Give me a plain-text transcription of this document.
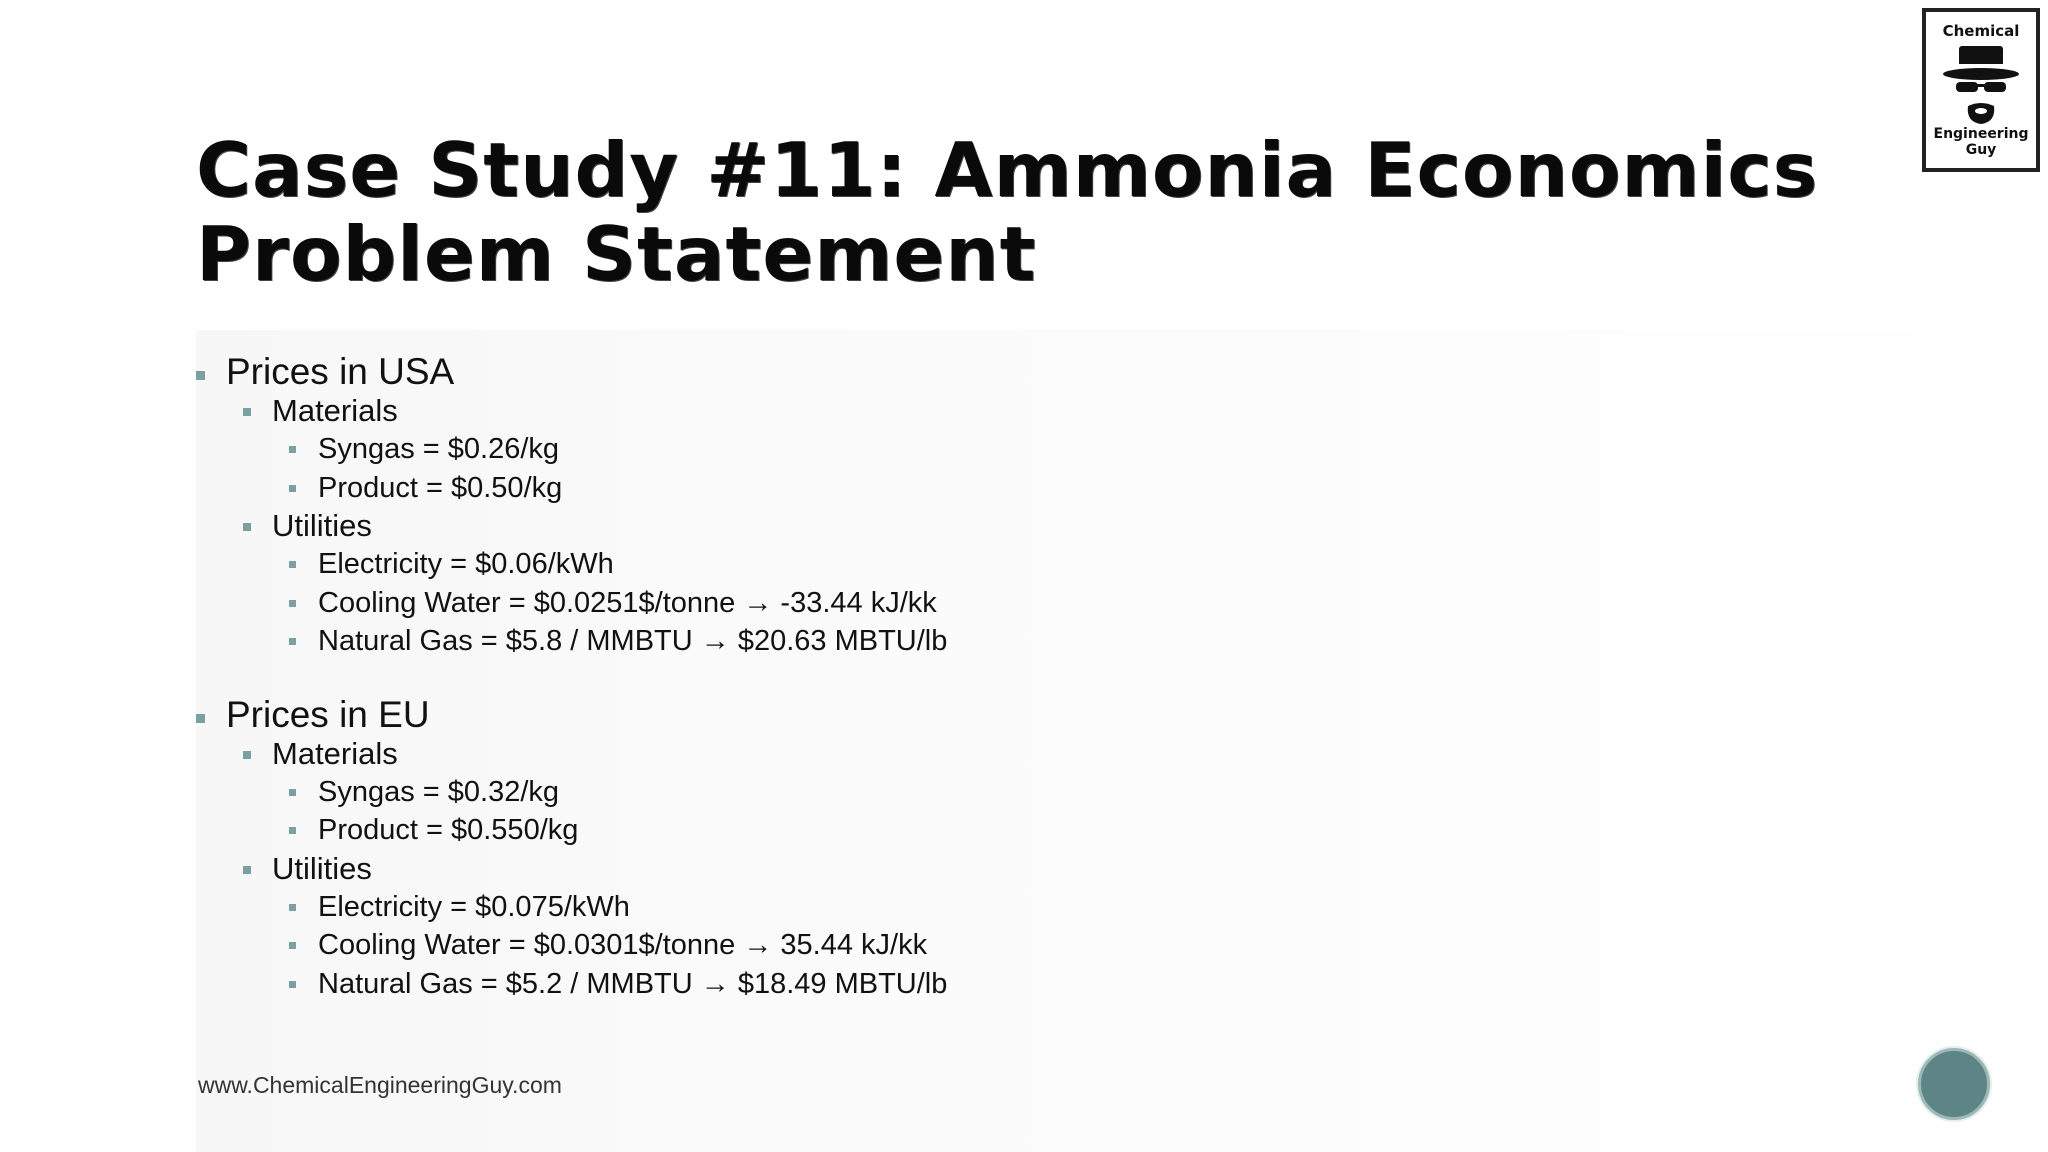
Case Study #11: Ammonia Economics
Problem Statement
Chemical
Engineering Guy
Prices in USA
Materials
Syngas = $0.26/kg
Product = $0.50/kg
Utilities
Electricity = $0.06/kWh
Cooling Water = $0.0251$/tonne → -33.44 kJ/kk
Natural Gas = $5.8 / MMBTU → $20.63 MBTU/lb
Prices in EU
Materials
Syngas = $0.32/kg
Product = $0.550/kg
Utilities
Electricity = $0.075/kWh
Cooling Water = $0.0301$/tonne → 35.44 kJ/kk
Natural Gas = $5.2 / MMBTU → $18.49 MBTU/lb
www.ChemicalEngineeringGuy.com
